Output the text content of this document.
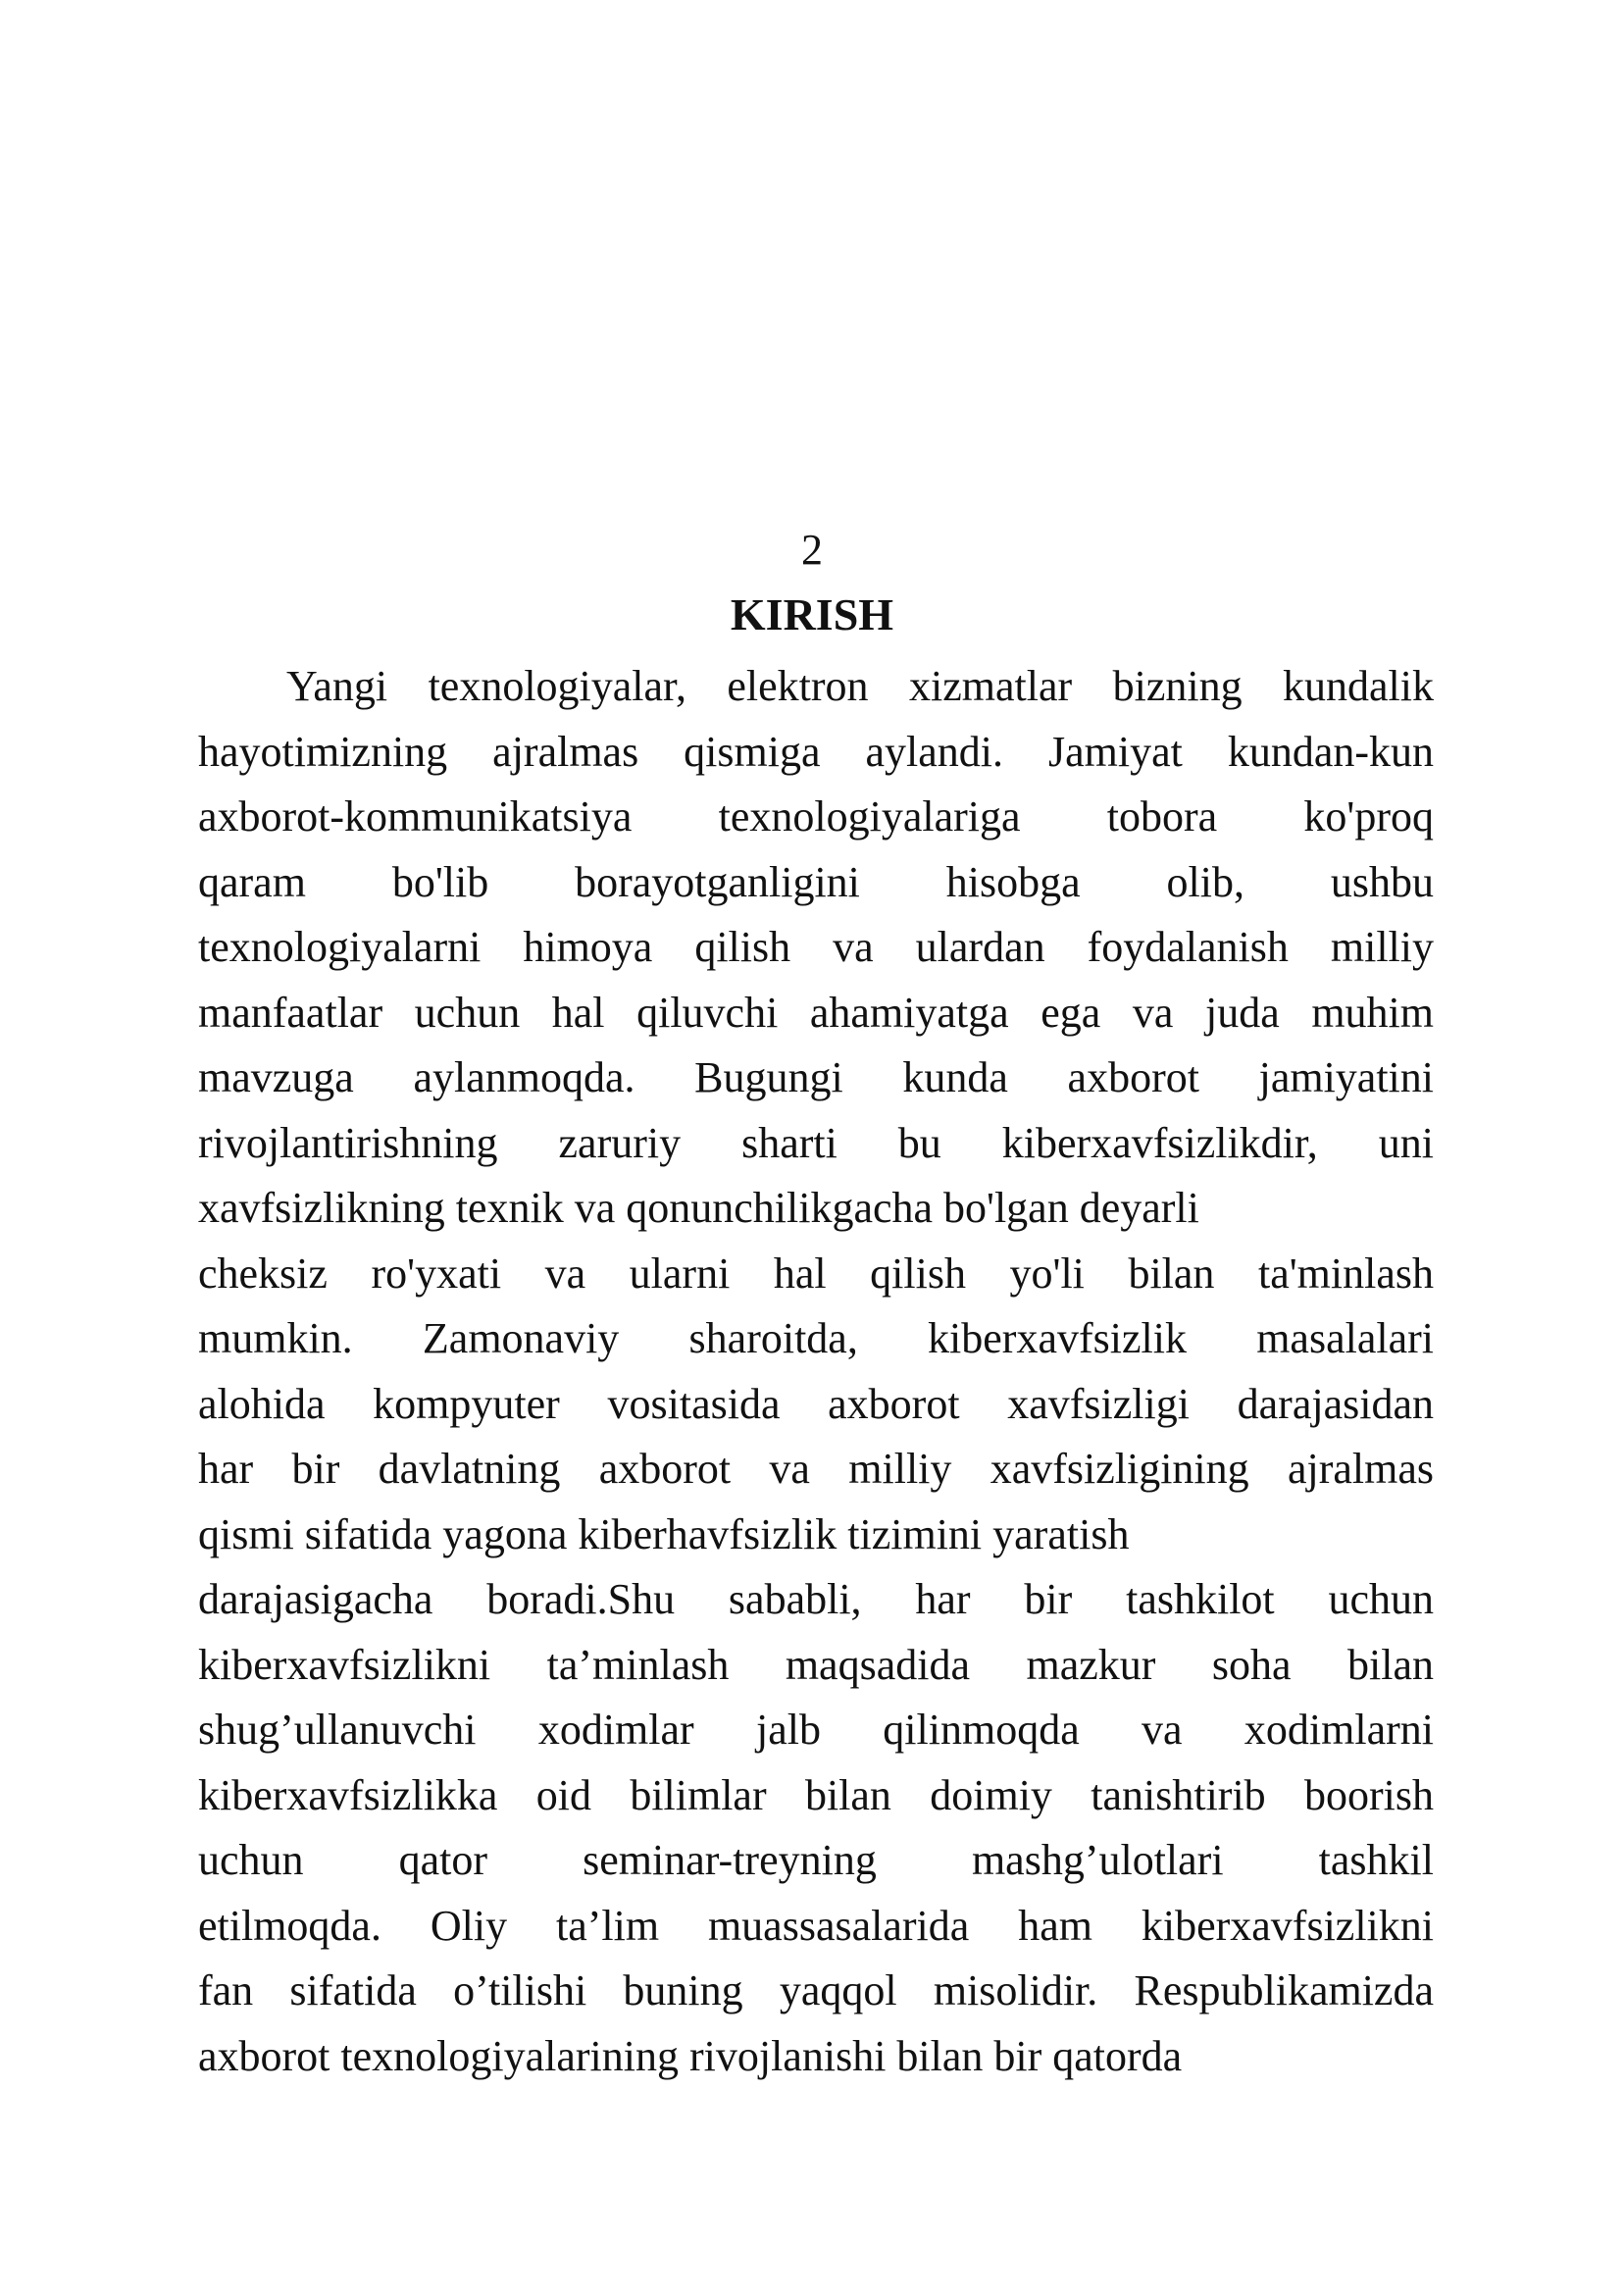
2
KIRISH
Yangi texnologiyalar, elektron xizmatlar bizning kundalik
hayotimizning ajralmas qismiga aylandi. Jamiyat kundan-kun
axborot-kommunikatsiya texnologiyalariga tobora ko'proq
qaram bo'lib borayotganligini hisobga olib, ushbu
texnologiyalarni himoya qilish va ulardan foydalanish milliy
manfaatlar uchun hal qiluvchi ahamiyatga ega va juda muhim
mavzuga aylanmoqda. Bugungi kunda axborot jamiyatini
rivojlantirishning zaruriy sharti bu kiberxavfsizlikdir, uni
xavfsizlikning texnik va qonunchilikgacha bo'lgan deyarli
cheksiz ro'yxati va ularni hal qilish yo'li bilan ta'minlash
mumkin. Zamonaviy sharoitda, kiberxavfsizlik masalalari
alohida kompyuter vositasida axborot xavfsizligi darajasidan
har bir davlatning axborot va milliy xavfsizligining ajralmas
qismi sifatida yagona kiberhavfsizlik tizimini yaratish
darajasigacha boradi.Shu sababli, har bir tashkilot uchun
kiberxavfsizlikni ta’minlash maqsadida mazkur soha bilan
shug’ullanuvchi xodimlar jalb qilinmoqda va xodimlarni
kiberxavfsizlikka oid bilimlar bilan doimiy tanishtirib boorish
uchun qator seminar-treyning mashg’ulotlari tashkil
etilmoqda. Oliy ta’lim muassasalarida ham kiberxavfsizlikni
fan sifatida o’tilishi buning yaqqol misolidir. Respublikamizda
axborot texnologiyalarining rivojlanishi bilan bir qatorda
